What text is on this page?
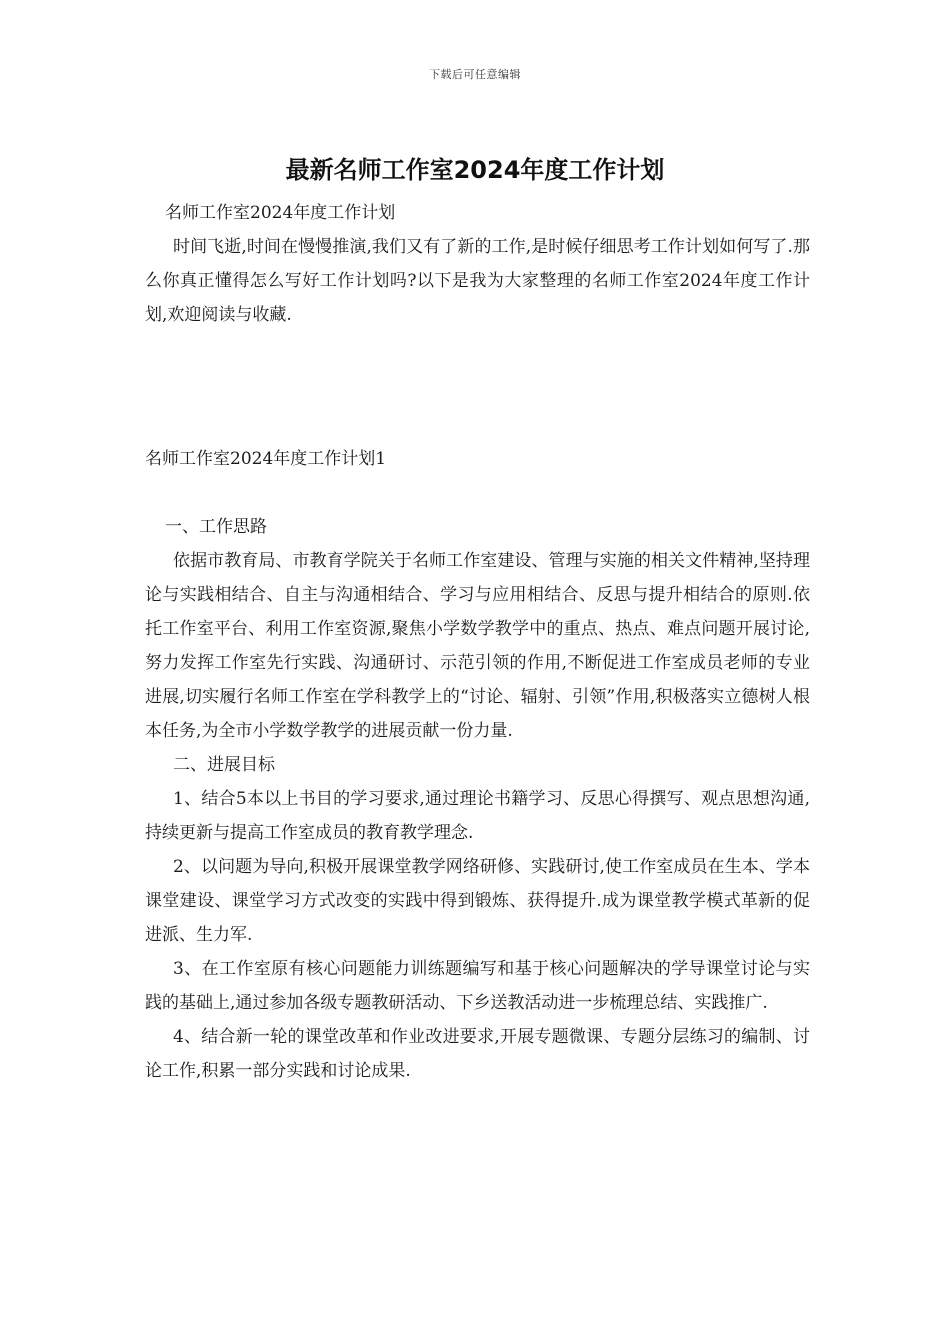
下载后可任意编辑
最新名师工作室2024年度工作计划

名师工作室2024年度工作计划

时间飞逝,时间在慢慢推演,我们又有了新的工作,是时候仔细思考工作计划如何写了.那么你真正懂得怎么写好工作计划吗?以下是我为大家整理的名师工作室2024年度工作计划,欢迎阅读与收藏.

名师工作室2024年度工作计划1

一、工作思路

依据市教育局、市教育学院关于名师工作室建设、管理与实施的相关文件精神,坚持理论与实践相结合、自主与沟通相结合、学习与应用相结合、反思与提升相结合的原则.依托工作室平台、利用工作室资源,聚焦小学数学教学中的重点、热点、难点问题开展讨论,努力发挥工作室先行实践、沟通研讨、示范引领的作用,不断促进工作室成员老师的专业进展,切实履行名师工作室在学科教学上的“讨论、辐射、引领”作用,积极落实立德树人根本任务,为全市小学数学教学的进展贡献一份力量.

二、进展目标

1、结合5本以上书目的学习要求,通过理论书籍学习、反思心得撰写、观点思想沟通,持续更新与提高工作室成员的教育教学理念.

2、以问题为导向,积极开展课堂教学网络研修、实践研讨,使工作室成员在生本、学本课堂建设、课堂学习方式改变的实践中得到锻炼、获得提升.成为课堂教学模式革新的促进派、生力军.

3、在工作室原有核心问题能力训练题编写和基于核心问题解决的学导课堂讨论与实践的基础上,通过参加各级专题教研活动、下乡送教活动进一步梳理总结、实践推广.

4、结合新一轮的课堂改革和作业改进要求,开展专题微课、专题分层练习的编制、讨论工作,积累一部分实践和讨论成果.
